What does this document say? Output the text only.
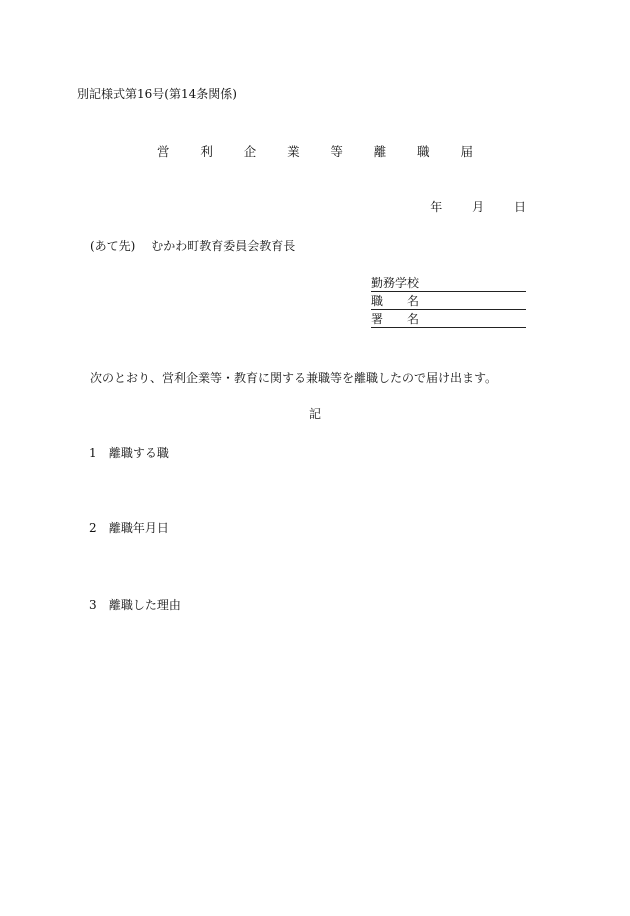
別記様式第16号(第14条関係)
営 利 企 業 等 離 職 届
年 月 日
(あて先) むかわ町教育委員会教育長
勤務学校
職 名
署 名
次のとおり、営利企業等・教育に関する兼職等を離職したので届け出ます。
記
1 離職する職
2 離職年月日
3 離職した理由
